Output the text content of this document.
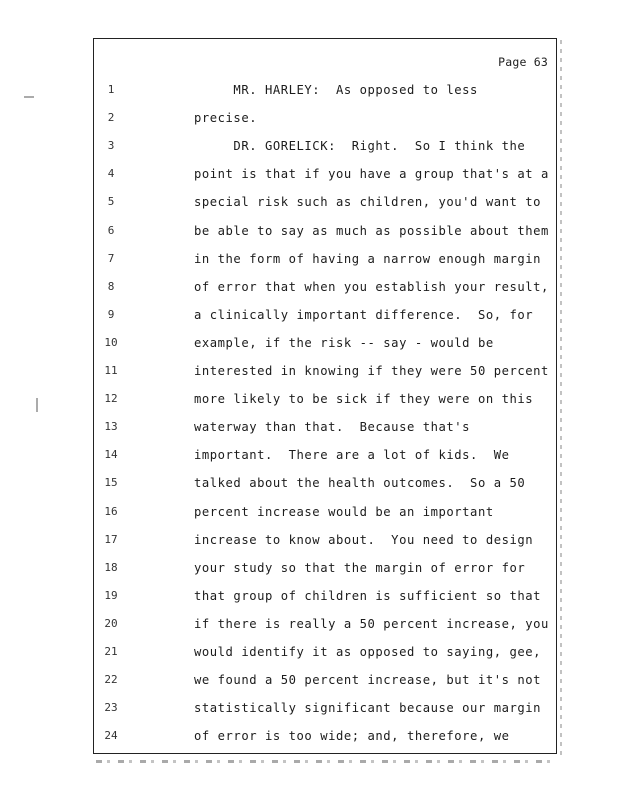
Page 63
1	MR. HARLEY:  As opposed to less
2	precise.
3	DR. GORELICK:  Right.  So I think the
4	point is that if you have a group that's at a
5	special risk such as children, you'd want to
6	be able to say as much as possible about them
7	in the form of having a narrow enough margin
8	of error that when you establish your result,
9	a clinically important difference.  So, for
10	example, if the risk -- say - would be
11	interested in knowing if they were 50 percent
12	more likely to be sick if they were on this
13	waterway than that.  Because that's
14	important.  There are a lot of kids.  We
15	talked about the health outcomes.  So a 50
16	percent increase would be an important
17	increase to know about.  You need to design
18	your study so that the margin of error for
19	that group of children is sufficient so that
20	if there is really a 50 percent increase, you
21	would identify it as opposed to saying, gee,
22	we found a 50 percent increase, but it's not
23	statistically significant because our margin
24	of error is too wide; and, therefore, we
